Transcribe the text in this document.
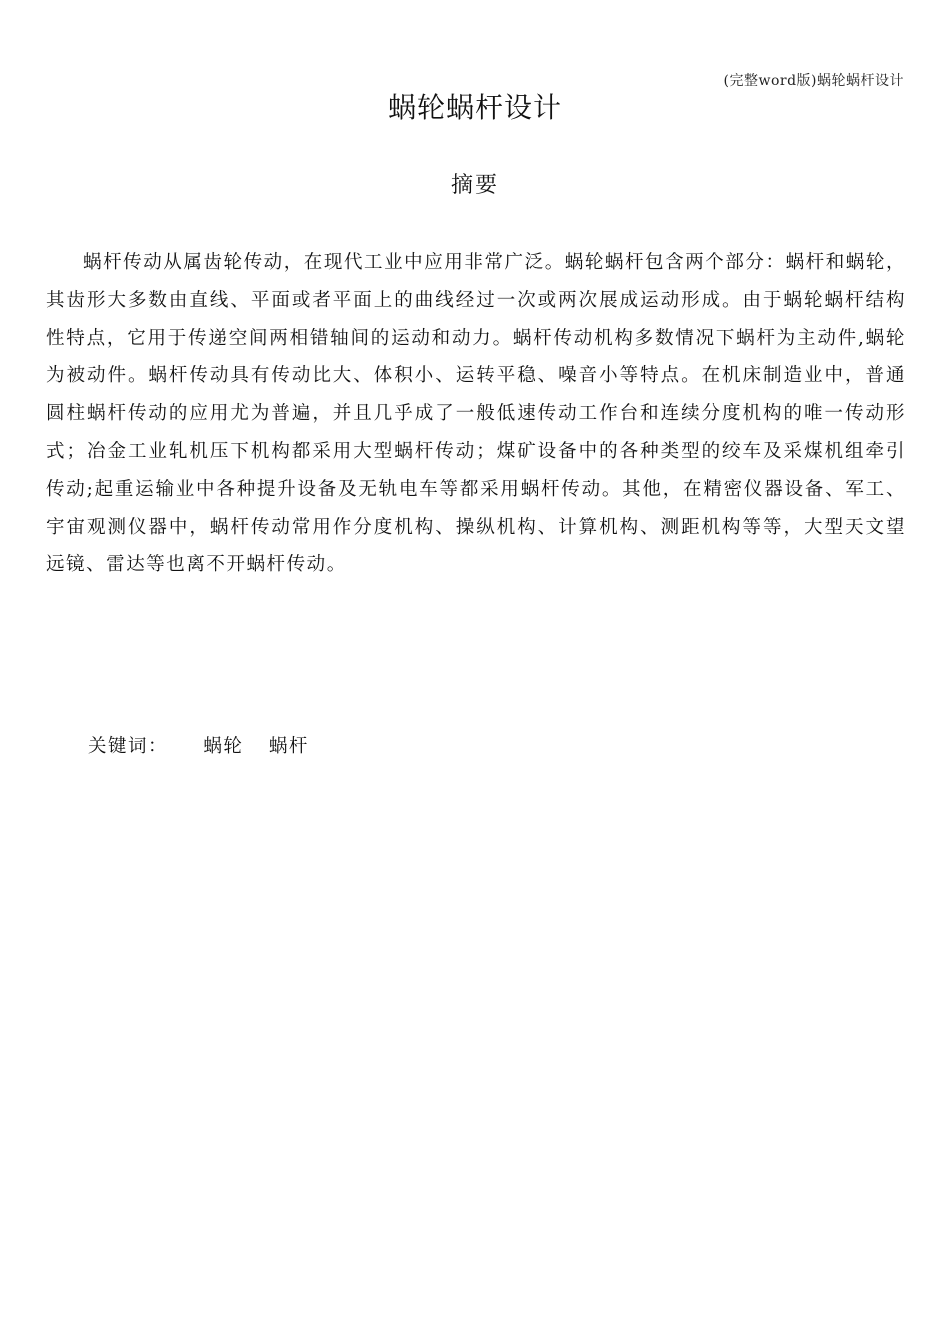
(完整word版)蜗轮蜗杆设计
蜗轮蜗杆设计
摘要

蜗杆传动从属齿轮传动，在现代工业中应用非常广泛。蜗轮蜗杆包含两个部分：蜗杆和蜗轮，其齿形大多数由直线、平面或者平面上的曲线经过一次或两次展成运动形成。由于蜗轮蜗杆结构性特点，它用于传递空间两相错轴间的运动和动力。蜗杆传动机构多数情况下蜗杆为主动件,蜗轮为被动件。蜗杆传动具有传动比大、体积小、运转平稳、噪音小等特点。在机床制造业中，普通圆柱蜗杆传动的应用尤为普遍，并且几乎成了一般低速传动工作台和连续分度机构的唯一传动形式；冶金工业轧机压下机构都采用大型蜗杆传动；煤矿设备中的各种类型的绞车及采煤机组牵引传动;起重运输业中各种提升设备及无轨电车等都采用蜗杆传动。其他，在精密仪器设备、军工、宇宙观测仪器中，蜗杆传动常用作分度机构、操纵机构、计算机构、测距机构等等，大型天文望远镜、雷达等也离不开蜗杆传动。

关键词： 蜗轮 蜗杆
